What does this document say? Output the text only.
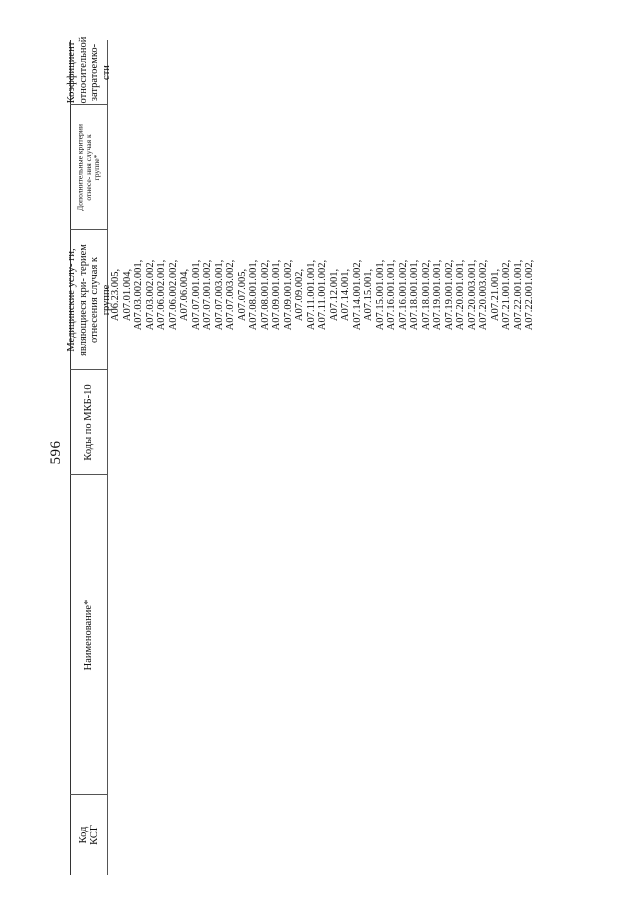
596
Код КСГ
Наименование*
Коды по МКБ-10
Медицинские услу- ги, являющиеся кри- терием отнесения случая к группе
Дополнительные критерии отнесе- ния случая к группе*
Коэффициент относительной затратоемко- сти
A06.23.005, A07.01.004, A07.03.002.001, A07.03.002.002, A07.06.002.001, A07.06.002.002, A07.06.004, A07.07.001.001, A07.07.001.002, A07.07.003.001, A07.07.003.002, A07.07.005, A07.08.001.001, A07.08.001.002, A07.09.001.001, A07.09.001.002, A07.09.002, A07.11.001.001, A07.11.001.002, A07.12.001, A07.14.001, A07.14.001.002, A07.15.001, A07.15.001.001, A07.16.001.001, A07.16.001.002, A07.18.001.001, A07.18.001.002, A07.19.001.001, A07.19.001.002, A07.20.001.001, A07.20.003.001, A07.20.003.002, A07.21.001, A07.21.001.002, A07.22.001.001, A07.22.001.002,
